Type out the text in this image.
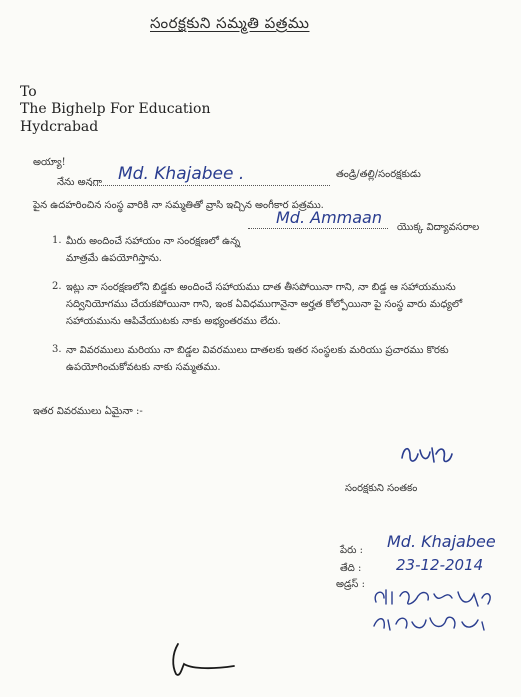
సంరక్షకుని సమ్మతి పత్రము
To
The Bighelp For Education
Hydcrabad
అయ్యా!
నేను అనగా Md. Khajabee .	తండ్రి/తల్లి/సంరక్షకుడు
పైన ఉదహరించిన సంస్థ వారికి నా సమ్మతితో వ్రాసి ఇచ్చిన అంగీకార పత్రము.
1. మీరు అందించే సహాయం నా సంరక్షణలో ఉన్న
Md. Ammaan
యొక్క విద్యావసరాల
మాత్రమే ఉపయోగిస్తాను.
2. ఇట్లు నా సంరక్షణలోని బిడ్డకు అందించే సహాయము దాత తీసపోయినా గాని, నా బిడ్డ ఆ సహాయమును
సద్వినియోగము చేయకపోయినా గాని, ఇంక ఏవిధముగానైనా అర్హత కోల్పోయినా పై సంస్థ వారు మధ్యలో
సహాయమును ఆపివేయుటకు నాకు అభ్యంతరము లేదు.
3. నా వివరములు మరియు నా బిడ్డల వివరములు దాతలకు ఇతర సంస్థలకు మరియు ప్రచారము కొరకు
ఉపయోగించుకోవటకు నాకు సమ్మతము.
ఇతర వివరములు ఏమైనా :-
సంరక్షకుని సంతకం
పేరు : Md. Khajabee
తేది : 23-12-2014
అడ్రస్ :
